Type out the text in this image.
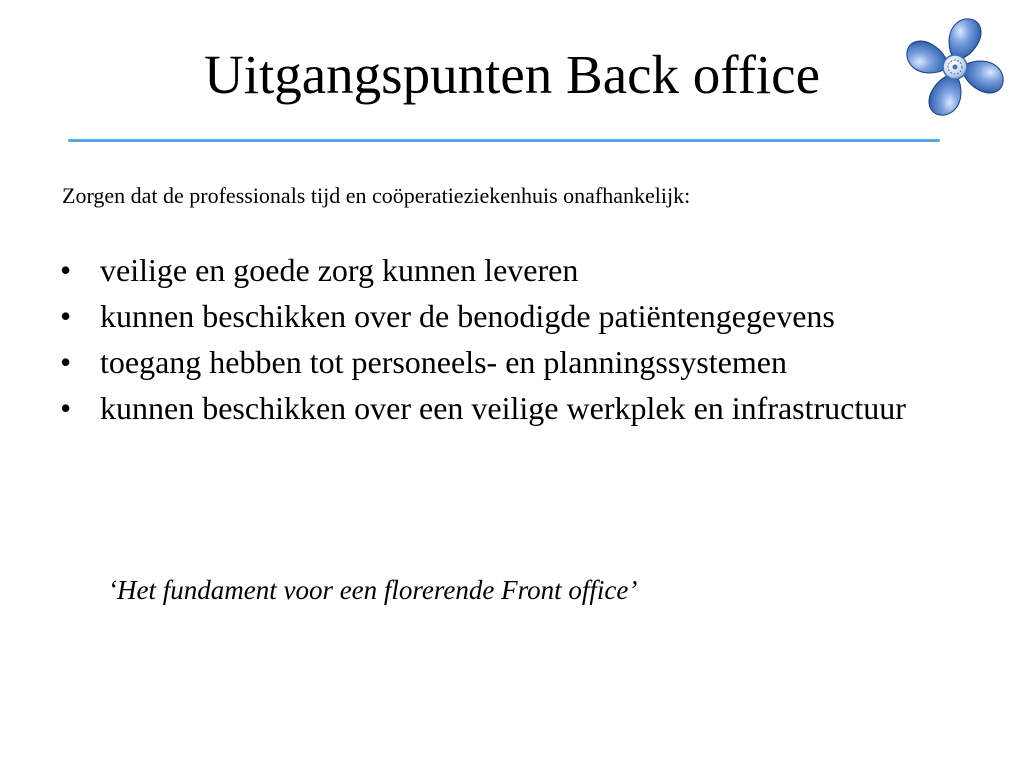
Uitgangspunten Back office

Zorgen dat de professionals tijd en coöperatieziekenhuis onafhankelijk:

• veilige en goede zorg kunnen leveren
• kunnen beschikken over de benodigde patiëntengegevens
• toegang hebben tot personeels- en planningssystemen
• kunnen beschikken over een veilige werkplek en infrastructuur

‘Het fundament voor een florerende Front office’
